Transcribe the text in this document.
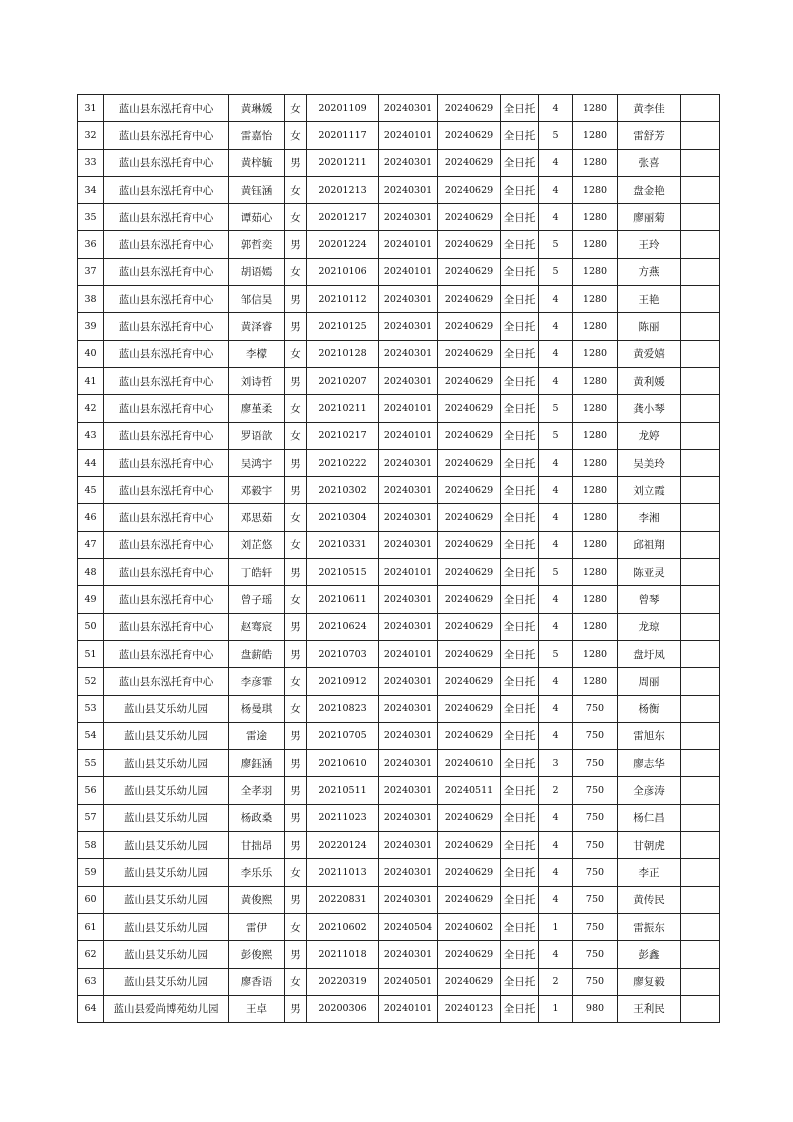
31	蓝山县东泓托育中心	黄琳媛	女	20201109	20240301	20240629	全日托	4	1280	黄李佳	
32	蓝山县东泓托育中心	雷嘉怡	女	20201117	20240101	20240629	全日托	5	1280	雷舒芳	
33	蓝山县东泓托育中心	黄梓毓	男	20201211	20240301	20240629	全日托	4	1280	张喜	
34	蓝山县东泓托育中心	黄钰涵	女	20201213	20240301	20240629	全日托	4	1280	盘金艳	
35	蓝山县东泓托育中心	谭茹心	女	20201217	20240301	20240629	全日托	4	1280	廖丽菊	
36	蓝山县东泓托育中心	郭哲奕	男	20201224	20240101	20240629	全日托	5	1280	王玲	
37	蓝山县东泓托育中心	胡语嫣	女	20210106	20240101	20240629	全日托	5	1280	方燕	
38	蓝山县东泓托育中心	邹信昊	男	20210112	20240301	20240629	全日托	4	1280	王艳	
39	蓝山县东泓托育中心	黄泽睿	男	20210125	20240301	20240629	全日托	4	1280	陈丽	
40	蓝山县东泓托育中心	李檬	女	20210128	20240301	20240629	全日托	4	1280	黄爱嬉	
41	蓝山县东泓托育中心	刘诗哲	男	20210207	20240301	20240629	全日托	4	1280	黄利媛	
42	蓝山县东泓托育中心	廖堇柔	女	20210211	20240101	20240629	全日托	5	1280	龚小琴	
43	蓝山县东泓托育中心	罗语歆	女	20210217	20240101	20240629	全日托	5	1280	龙婷	
44	蓝山县东泓托育中心	吴鸿宇	男	20210222	20240301	20240629	全日托	4	1280	吴美玲	
45	蓝山县东泓托育中心	邓毅宇	男	20210302	20240301	20240629	全日托	4	1280	刘立霞	
46	蓝山县东泓托育中心	邓思茹	女	20210304	20240301	20240629	全日托	4	1280	李湘	
47	蓝山县东泓托育中心	刘芷悠	女	20210331	20240301	20240629	全日托	4	1280	邱祖翔	
48	蓝山县东泓托育中心	丁皓轩	男	20210515	20240101	20240629	全日托	5	1280	陈亚灵	
49	蓝山县东泓托育中心	曾子瑶	女	20210611	20240301	20240629	全日托	4	1280	曾琴	
50	蓝山县东泓托育中心	赵骞宸	男	20210624	20240301	20240629	全日托	4	1280	龙琼	
51	蓝山县东泓托育中心	盘薪皓	男	20210703	20240101	20240629	全日托	5	1280	盘圩凤	
52	蓝山县东泓托育中心	李彦霏	女	20210912	20240301	20240629	全日托	4	1280	周丽	
53	蓝山县艾乐幼儿园	杨曼琪	女	20210823	20240301	20240629	全日托	4	750	杨衡	
54	蓝山县艾乐幼儿园	雷途	男	20210705	20240301	20240629	全日托	4	750	雷旭东	
55	蓝山县艾乐幼儿园	廖鈺涵	男	20210610	20240301	20240610	全日托	3	750	廖志华	
56	蓝山县艾乐幼儿园	全孝羽	男	20210511	20240301	20240511	全日托	2	750	全彦涛	
57	蓝山县艾乐幼儿园	杨政桑	男	20211023	20240301	20240629	全日托	4	750	杨仁昌	
58	蓝山县艾乐幼儿园	甘拙昂	男	20220124	20240301	20240629	全日托	4	750	甘朝虎	
59	蓝山县艾乐幼儿园	李乐乐	女	20211013	20240301	20240629	全日托	4	750	李正	
60	蓝山县艾乐幼儿园	黄俊熙	男	20220831	20240301	20240629	全日托	4	750	黄传民	
61	蓝山县艾乐幼儿园	雷伊	女	20210602	20240504	20240602	全日托	1	750	雷振东	
62	蓝山县艾乐幼儿园	彭俊熙	男	20211018	20240301	20240629	全日托	4	750	彭鑫	
63	蓝山县艾乐幼儿园	廖香语	女	20220319	20240501	20240629	全日托	2	750	廖复毅	
64	蓝山县爱尚博苑幼儿园	王卓	男	20200306	20240101	20240123	全日托	1	980	王利民	
